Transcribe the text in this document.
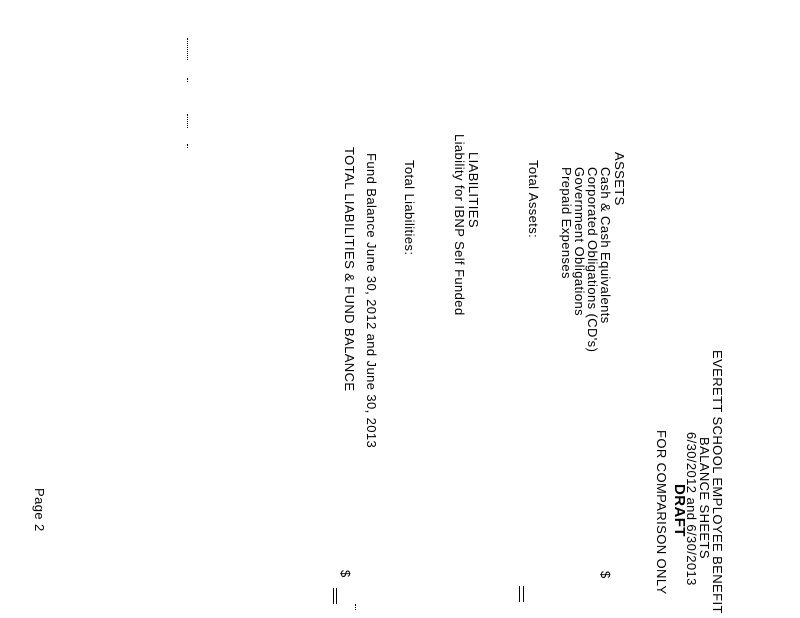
EVERETT SCHOOL EMPLOYEE BENEFIT
BALANCE SHEETS
6/30/2012 and 6/30/2013
DRAFT
FOR COMPARISON ONLY
ASSETS
Cash & Cash Equivalents
Corporated Obligations (CD's)
Government Obligations
Prepaid Expenses
Total Assets:
LIABILITIES
Liability for IBNP Self Funded
Total Liabilities:
Fund Balance June 30, 2012 and June 30, 2013
TOTAL LIABILITIES & FUND BALANCE
$
$
Page 2
